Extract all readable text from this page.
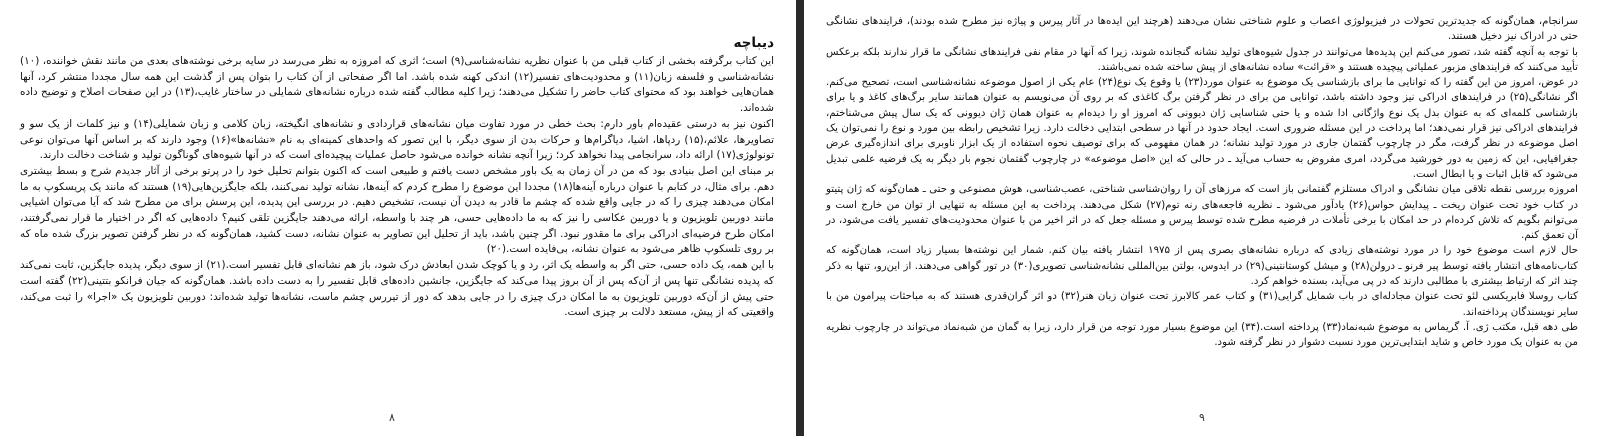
دیباچه

این کتاب برگرفته بخشی از کتاب قبلی من با عنوان نظریه نشانه‌شناسی(۹) است؛ اثری که امروزه به نظر می‌رسد در سایه برخی نوشته‌های بعدی من مانند نقش خواننده، (۱۰) نشانه‌شناسی و فلسفه زبان(۱۱) و محدودیت‌های تفسیر(۱۲) اندکی کهنه شده باشد. اما اگر صفحاتی از آن کتاب را بتوان پس از گذشت این همه سال مجددا منتشر کرد، آنها همان‌هایی خواهند بود که محتوای کتاب حاضر را تشکیل می‌دهند؛ زیرا کلیه مطالب گفته شده درباره نشانه‌های شمایلی در ساختار غایب،(۱۳) در این صفحات اصلاح و توضیح داده شده‌اند.

اکنون نیز به درستی عقیده‌ام باور دارم: بحث خطی در مورد تفاوت میان نشانه‌های قراردادی و نشانه‌های انگیخته، زبان کلامی و زبان شمایلی(۱۴) و نیز کلمات از یک سو و تصاویرها، علائم،(۱۵) ردپاها، اشیا، دیاگرام‌ها و حرکات بدن از سوی دیگر، با این تصور که واحدهای کمینه‌ای به نام «نشانه‌ها»(۱۶) وجود دارند که بر اساس آنها می‌توان نوعی تونولوژی(۱۷) ارائه داد، سرانجامی پیدا نخواهد کرد؛ زیرا آنچه نشانه خوانده می‌شود حاصل عملیات پیچیده‌ای است که در آنها شیوه‌های گوناگون تولید و شناخت دخالت دارند.

بر مبنای این اصل بنیادی بود که من در آن زمان به یک باور مشخص دست یافتم و طبیعی است که اکنون بتوانم تحلیل خود را در پرتو برخی از آثار جدیدم شرح و بسط بیشتری دهم. برای مثال، در کتابم با عنوان درباره آینه‌ها(۱۸) مجددا این موضوع را مطرح کردم که آینه‌ها، نشانه تولید نمی‌کنند، بلکه جایگزین‌هایی(۱۹) هستند که مانند یک پریسکوپ به ما امکان می‌دهند چیزی را که در جایی واقع شده که چشم ما قادر به دیدن آن نیست، تشخیص دهیم. در بررسی این پدیده، این پرسش برای من مطرح شد که آیا می‌توان اشیایی مانند دوربین تلویزیون و یا دوربین عکاسی را نیز که به ما داده‌هایی حسی، هر چند با واسطه، ارائه می‌دهند جایگزین تلقی کنیم؟ داده‌هایی که اگر در اختیار ما قرار نمی‌گرفتند، امکان طرح فرضیه‌ای ادراکی برای ما مقدور نبود. اگر چنین باشد، باید از تحلیل این تصاویر به عنوان نشانه، دست کشید، همان‌گونه که در نظر گرفتن تصویر بزرگ شده ماه که بر روی تلسکوپ ظاهر می‌شود به عنوان نشانه، بی‌فایده است.(۲۰)

با این همه، یک داده حسی، حتی اگر به واسطه یک اثر، رد و یا کوچک شدن ابعادش درک شود، باز هم نشانه‌ای قابل تفسیر است.(۲۱) از سوی دیگر، پدیده جایگزین، ثابت نمی‌کند که پدیده نشانگی تنها پس از آن‌که پس از آن بروز پیدا می‌کند که جایگزین، جانشین داده‌های قابل تفسیر را به دست داده باشد. همان‌گونه که جیان فرانکو بتتینی(۲۲) گفته است حتی پیش از آن‌که دوربین تلویزیون به ما امکان درک چیزی را در جایی بدهد که دور از تیررس چشم ماست، نشانه‌ها تولید شده‌اند: دوربین تلویزیون یک «اجرا» را ثبت می‌کند، واقعیتی که از پیش، مستعد دلالت بر چیزی است.

۸

سرانجام، همان‌گونه که جدیدترین تحولات در فیزیولوژی اعصاب و علوم شناختی نشان می‌دهند (هرچند این ایده‌ها در آثار پیرس و پیاژه نیز مطرح شده بودند)، فرایندهای نشانگی حتی در ادراک نیز دخیل هستند.

با توجه به آنچه گفته شد، تصور می‌کنم این پدیده‌ها می‌توانند در جدول شیوه‌های تولید نشانه گنجانده شوند، زیرا که آنها در مقام نفی فرایندهای نشانگی ما قرار ندارند بلکه برعکس تأیید می‌کنند که فرایندهای مزبور عملیاتی پیچیده هستند و «قرائت» ساده نشانه‌های از پیش ساخته شده نمی‌باشند.

در عوض، امروز من این گفته را که توانایی ما برای بازشناسی یک موضوع به عنوان مورد(۲۳) یا وقوع یک نوع(۲۴) عام یکی از اصول موضوعه نشانه‌شناسی است، تصحیح می‌کنم. اگر نشانگی(۲۵) در فرایندهای ادراکی نیز وجود داشته باشد، توانایی من برای در نظر گرفتن برگ کاغذی که بر روی آن می‌نویسم به عنوان همانند سایر برگ‌های کاغذ و یا برای بازشناسی کلمه‌ای که به عنوان بدل یک نوع واژگانی ادا شده و یا حتی شناسایی ژان دیوونی که امروز او را دیده‌ام به عنوان همان ژان دیوونی که یک سال پیش می‌شناختم، فرایندهای ادراکی نیز قرار نمی‌دهد؛ اما پرداخت در این مسئله ضروری است. ایجاد حدود در آنها در سطحی ابتدایی دخالت دارد. زیرا تشخیص رابطه بین مورد و نوع را نمی‌توان یک اصل موضوعه در نظر گرفت، مگر در چارچوب گفتمان جاری در مورد تولید نشانه؛ در همان مفهومی که برای توصیف نحوه استفاده از یک ابزار ناوبری برای اندازه‌گیری عرض جغرافیایی، این که زمین به دور خورشید می‌گردد، امری مفروض به حساب می‌آید ـ در حالی که این «اصل موضوعه» در چارچوب گفتمان نجوم بار دیگر به یک فرضیه علمی تبدیل می‌شود که قابل اثبات و یا ابطال است.

امروزه بررسی نقطه تلاقی میان نشانگی و ادراک مستلزم گفتمانی باز است که مرزهای آن را روان‌شناسی شناختی، عصب‌شناسی، هوش مصنوعی و حتی ـ همان‌گونه که ژان پتیتو در کتاب خود تحت عنوان ریخت ـ پیدایش حواس(۲۶) یادآور می‌شود ـ نظریه فاجعه‌های رنه توم(۲۷) شکل می‌دهند. پرداخت به این مسئله به تنهایی از توان من خارج است و می‌توانم بگویم که تلاش کرده‌ام در حد امکان با برخی تأملات در فرضیه مطرح شده توسط پیرس و مسئله جعل که در اثر اخیر من با عنوان محدودیت‌های تفسیر یافت می‌شود، در آن تعمق کنم.

حال لازم است موضوع خود را در مورد نوشته‌های زیادی که درباره نشانه‌های بصری پس از ۱۹۷۵ انتشار یافته بیان کنم. شمار این نوشته‌ها بسیار زیاد است، همان‌گونه که کتاب‌نامه‌های انتشار یافته توسط پیر فرنو ـ درولن(۲۸) و میشل کوستانتینی(۲۹) در ایدوس، بولتن بین‌المللی نشانه‌شناسی تصویری(۳۰) در تور گواهی می‌دهند. از این‌رو، تنها به ذکر چند اثر که ارتباط بیشتری با مطالبی دارند که در پی می‌آید، بسنده خواهم کرد.

کتاب روسلا فابریکسی لئو تحت عنوان مجادله‌ای در باب شمایل گرایی(۳۱) و کتاب عمر کالابرز تحت عنوان زبان هنر(۳۲) دو اثر گران‌قدری هستند که به مباحثات پیرامون من با سایر نویسندگان پرداخته‌اند.

طی دهه قبل، مکتب ژی. آ. گریماس به موضوع شبه‌نماد(۳۳) پرداخته است.(۳۴) این موضوع بسیار مورد توجه من قرار دارد، زیرا به گمان من شبه‌نماد می‌تواند در چارچوب نظریه من به عنوان یک مورد خاص و شاید ابتدایی‌ترین مورد نسبت دشوار در نظر گرفته شود.

۹
